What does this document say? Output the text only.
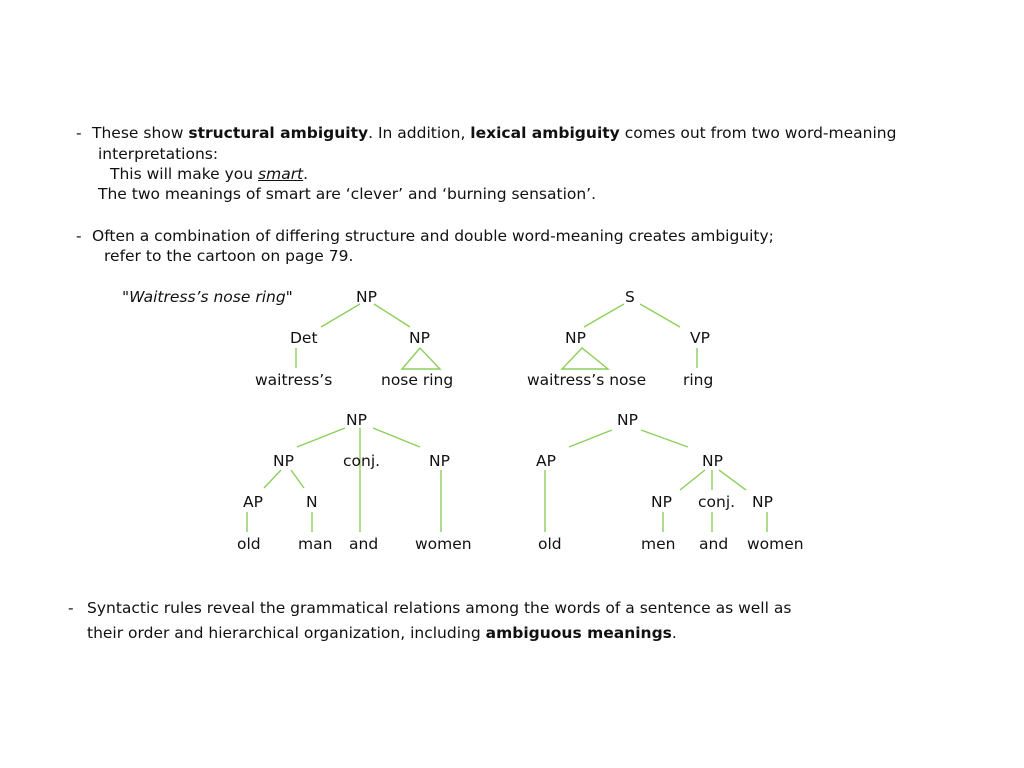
- These show structural ambiguity. In addition, lexical ambiguity comes out from two word-meaning
interpretations:
This will make you smart.
The two meanings of smart are ‘clever’ and ‘burning sensation’.
- Often a combination of differing structure and double word-meaning creates ambiguity;
refer to the cartoon on page 79.
"Waitress’s nose ring"	NP
Det	NP
waitress’s	nose ring
S
NP	VP
waitress’s nose ring
NP
NP	conj.	NP
AP	N
old man and women
NP
AP	NP
NP conj. NP
old	men and women
- Syntactic rules reveal the grammatical relations among the words of a sentence as well as
their order and hierarchical organization, including ambiguous meanings.
